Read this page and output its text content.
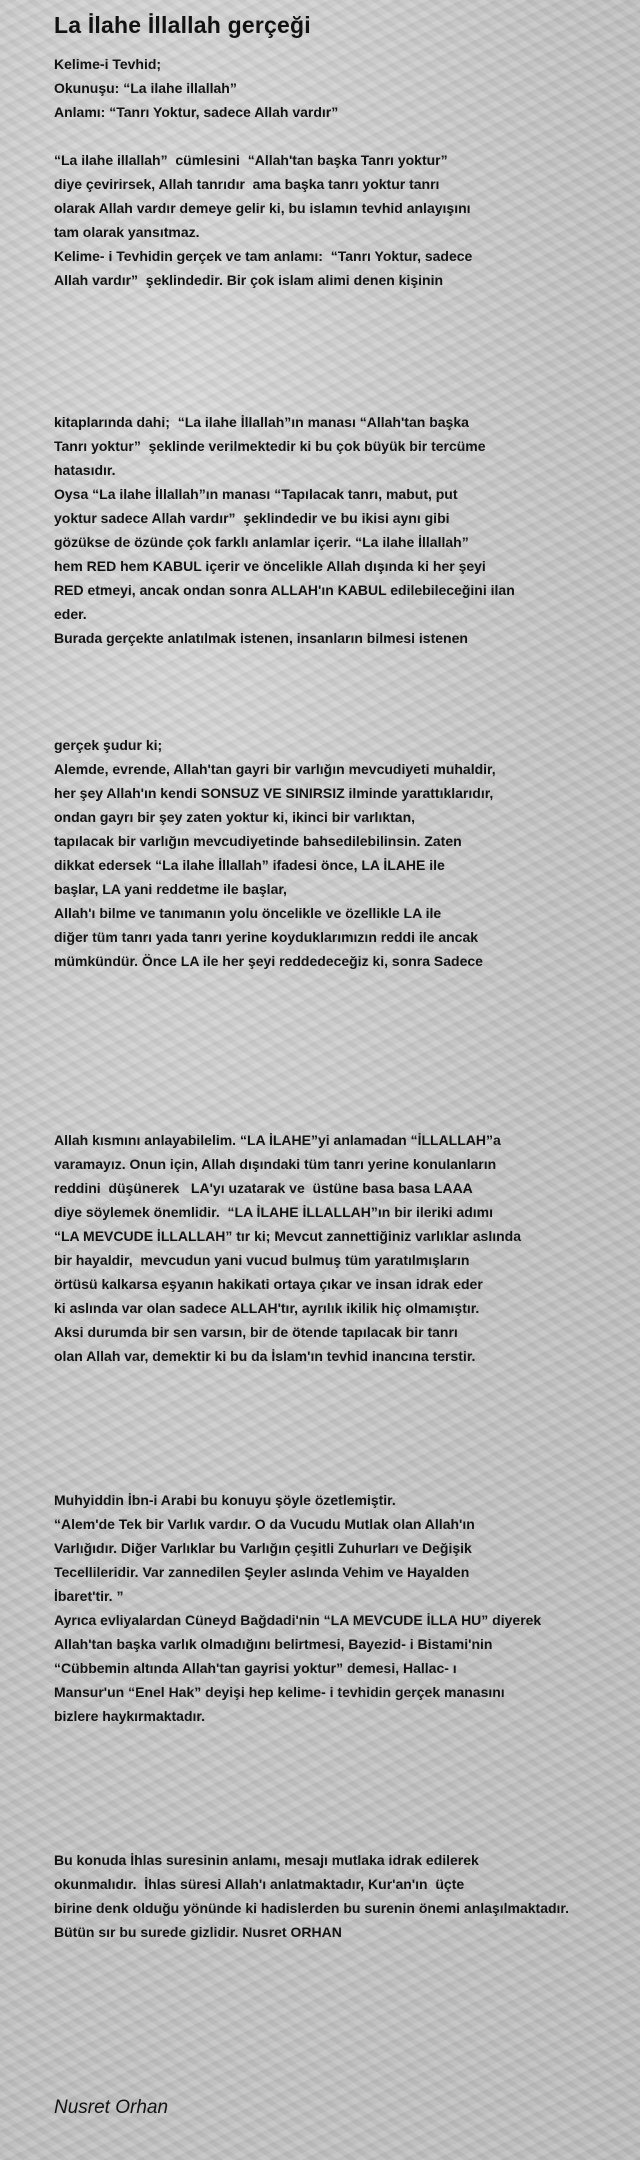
La İlahe İllallah gerçeği

Kelime-i Tevhid;

Okunuşu: “La ilahe illallah”

Anlamı: “Tanrı Yoktur, sadece Allah vardır”

“La ilahe illallah”  cümlesini  “Allah'tan başka Tanrı yoktur”

diye çevirirsek, Allah tanrıdır  ama başka tanrı yoktur tanrı

olarak Allah vardır demeye gelir ki, bu islamın tevhid anlayışını

tam olarak yansıtmaz.

Kelime- i Tevhidin gerçek ve tam anlamı:  “Tanrı Yoktur, sadece

Allah vardır”  şeklindedir. Bir çok islam alimi denen kişinin

kitaplarında dahi;  “La ilahe İllallah”ın manası “Allah'tan başka

Tanrı yoktur”  şeklinde verilmektedir ki bu çok büyük bir tercüme

hatasıdır.

Oysa “La ilahe İllallah”ın manası “Tapılacak tanrı, mabut, put

yoktur sadece Allah vardır”  şeklindedir ve bu ikisi aynı gibi

gözükse de özünde çok farklı anlamlar içerir. “La ilahe İllallah”

hem RED hem KABUL içerir ve öncelikle Allah dışında ki her şeyi

RED etmeyi, ancak ondan sonra ALLAH'ın KABUL edilebileceğini ilan

eder.

Burada gerçekte anlatılmak istenen, insanların bilmesi istenen

gerçek şudur ki;

Alemde, evrende, Allah'tan gayri bir varlığın mevcudiyeti muhaldir,

her şey Allah'ın kendi SONSUZ VE SINIRSIZ ilminde yarattıklarıdır,

ondan gayrı bir şey zaten yoktur ki, ikinci bir varlıktan,

tapılacak bir varlığın mevcudiyetinde bahsedilebilinsin. Zaten

dikkat edersek “La ilahe İllallah” ifadesi önce, LA İLAHE ile

başlar, LA yani reddetme ile başlar,

Allah'ı bilme ve tanımanın yolu öncelikle ve özellikle LA ile

diğer tüm tanrı yada tanrı yerine koyduklarımızın reddi ile ancak

mümkündür. Önce LA ile her şeyi reddedeceğiz ki, sonra Sadece

Allah kısmını anlayabilelim. “LA İLAHE”yi anlamadan “İLLALLAH”a

varamayız. Onun için, Allah dışındaki tüm tanrı yerine konulanların

reddini  düşünerek   LA'yı uzatarak ve  üstüne basa basa LAAA

diye söylemek önemlidir.  “LA İLAHE İLLALLAH”ın bir ileriki adımı

“LA MEVCUDE İLLALLAH” tır ki; Mevcut zannettiğiniz varlıklar aslında

bir hayaldir,  mevcudun yani vucud bulmuş tüm yaratılmışların

örtüsü kalkarsa eşyanın hakikati ortaya çıkar ve insan idrak eder

ki aslında var olan sadece ALLAH'tır, ayrılık ikilik hiç olmamıştır.

Aksi durumda bir sen varsın, bir de ötende tapılacak bir tanrı

olan Allah var, demektir ki bu da İslam'ın tevhid inancına terstir.

Muhyiddin İbn-i Arabi bu konuyu şöyle özetlemiştir.

“Alem'de Tek bir Varlık vardır. O da Vucudu Mutlak olan Allah'ın

Varlığıdır. Diğer Varlıklar bu Varlığın çeşitli Zuhurları ve Değişik

Tecellileridir. Var zannedilen Şeyler aslında Vehim ve Hayalden

İbaret'tir. ”

Ayrıca evliyalardan Cüneyd Bağdadi'nin “LA MEVCUDE İLLA HU” diyerek

Allah'tan başka varlık olmadığını belirtmesi, Bayezid- i Bistami'nin

“Cübbemin altında Allah'tan gayrisi yoktur” demesi, Hallac- ı

Mansur'un “Enel Hak” deyişi hep kelime- i tevhidin gerçek manasını

bizlere haykırmaktadır.

Bu konuda İhlas suresinin anlamı, mesajı mutlaka idrak edilerek

okunmalıdır.  İhlas süresi Allah'ı anlatmaktadır, Kur'an'ın  üçte

birine denk olduğu yönünde ki hadislerden bu surenin önemi anlaşılmaktadır.

Bütün sır bu surede gizlidir. Nusret ORHAN

Nusret Orhan
